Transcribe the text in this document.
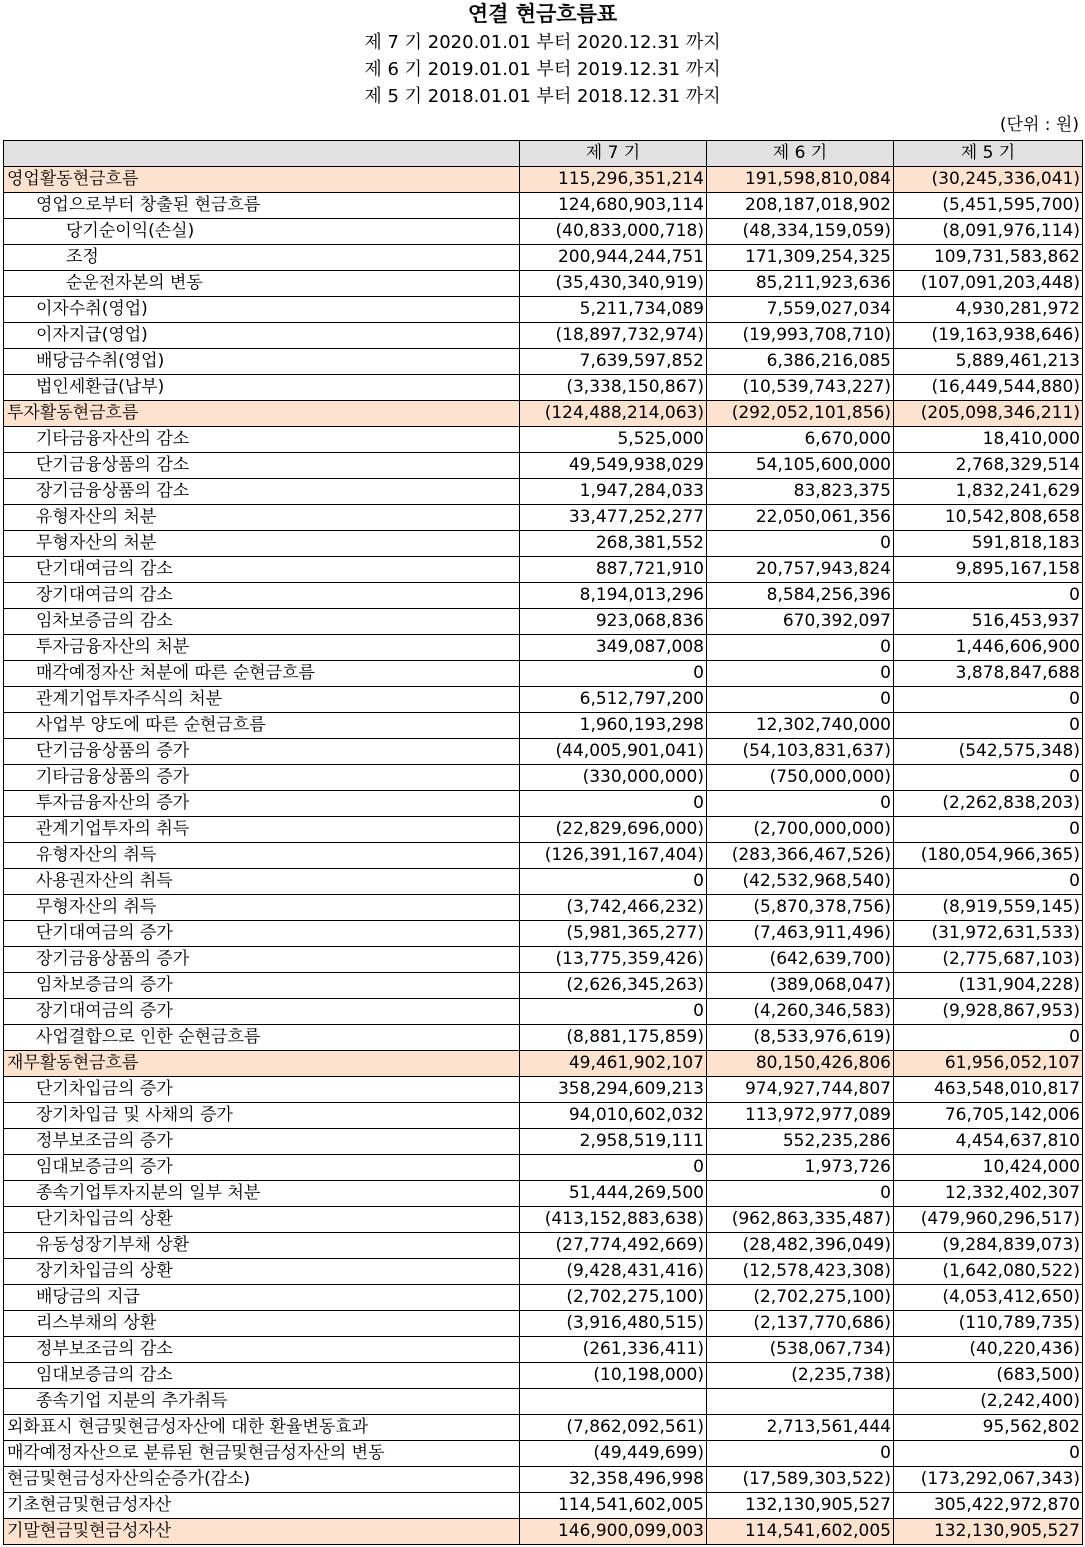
연결 현금흐름표
제 7 기 2020.01.01 부터 2020.12.31 까지
제 6 기 2019.01.01 부터 2019.12.31 까지
제 5 기 2018.01.01 부터 2018.12.31 까지
(단위 : 원)
	제 7 기	제 6 기	제 5 기
영업활동현금흐름	115,296,351,214	191,598,810,084	(30,245,336,041)
영업으로부터 창출된 현금흐름	124,680,903,114	208,187,018,902	(5,451,595,700)
당기순이익(손실)	(40,833,000,718)	(48,334,159,059)	(8,091,976,114)
조정	200,944,244,751	171,309,254,325	109,731,583,862
순운전자본의 변동	(35,430,340,919)	85,211,923,636	(107,091,203,448)
이자수취(영업)	5,211,734,089	7,559,027,034	4,930,281,972
이자지급(영업)	(18,897,732,974)	(19,993,708,710)	(19,163,938,646)
배당금수취(영업)	7,639,597,852	6,386,216,085	5,889,461,213
법인세환급(납부)	(3,338,150,867)	(10,539,743,227)	(16,449,544,880)
투자활동현금흐름	(124,488,214,063)	(292,052,101,856)	(205,098,346,211)
기타금융자산의 감소	5,525,000	6,670,000	18,410,000
단기금융상품의 감소	49,549,938,029	54,105,600,000	2,768,329,514
장기금융상품의 감소	1,947,284,033	83,823,375	1,832,241,629
유형자산의 처분	33,477,252,277	22,050,061,356	10,542,808,658
무형자산의 처분	268,381,552	0	591,818,183
단기대여금의 감소	887,721,910	20,757,943,824	9,895,167,158
장기대여금의 감소	8,194,013,296	8,584,256,396	0
임차보증금의 감소	923,068,836	670,392,097	516,453,937
투자금융자산의 처분	349,087,008	0	1,446,606,900
매각예정자산 처분에 따른 순현금흐름	0	0	3,878,847,688
관계기업투자주식의 처분	6,512,797,200	0	0
사업부 양도에 따른 순현금흐름	1,960,193,298	12,302,740,000	0
단기금융상품의 증가	(44,005,901,041)	(54,103,831,637)	(542,575,348)
기타금융상품의 증가	(330,000,000)	(750,000,000)	0
투자금융자산의 증가	0	0	(2,262,838,203)
관계기업투자의 취득	(22,829,696,000)	(2,700,000,000)	0
유형자산의 취득	(126,391,167,404)	(283,366,467,526)	(180,054,966,365)
사용권자산의 취득	0	(42,532,968,540)	0
무형자산의 취득	(3,742,466,232)	(5,870,378,756)	(8,919,559,145)
단기대여금의 증가	(5,981,365,277)	(7,463,911,496)	(31,972,631,533)
장기금융상품의 증가	(13,775,359,426)	(642,639,700)	(2,775,687,103)
임차보증금의 증가	(2,626,345,263)	(389,068,047)	(131,904,228)
장기대여금의 증가	0	(4,260,346,583)	(9,928,867,953)
사업결합으로 인한 순현금흐름	(8,881,175,859)	(8,533,976,619)	0
재무활동현금흐름	49,461,902,107	80,150,426,806	61,956,052,107
단기차입금의 증가	358,294,609,213	974,927,744,807	463,548,010,817
장기차입금 및 사채의 증가	94,010,602,032	113,972,977,089	76,705,142,006
정부보조금의 증가	2,958,519,111	552,235,286	4,454,637,810
임대보증금의 증가	0	1,973,726	10,424,000
종속기업투자지분의 일부 처분	51,444,269,500	0	12,332,402,307
단기차입금의 상환	(413,152,883,638)	(962,863,335,487)	(479,960,296,517)
유동성장기부채 상환	(27,774,492,669)	(28,482,396,049)	(9,284,839,073)
장기차입금의 상환	(9,428,431,416)	(12,578,423,308)	(1,642,080,522)
배당금의 지급	(2,702,275,100)	(2,702,275,100)	(4,053,412,650)
리스부채의 상환	(3,916,480,515)	(2,137,770,686)	(110,789,735)
정부보조금의 감소	(261,336,411)	(538,067,734)	(40,220,436)
임대보증금의 감소	(10,198,000)	(2,235,738)	(683,500)
종속기업 지분의 추가취득			(2,242,400)
외화표시 현금및현금성자산에 대한 환율변동효과	(7,862,092,561)	2,713,561,444	95,562,802
매각예정자산으로 분류된 현금및현금성자산의 변동	(49,449,699)	0	0
현금및현금성자산의순증가(감소)	32,358,496,998	(17,589,303,522)	(173,292,067,343)
기초현금및현금성자산	114,541,602,005	132,130,905,527	305,422,972,870
기말현금및현금성자산	146,900,099,003	114,541,602,005	132,130,905,527
